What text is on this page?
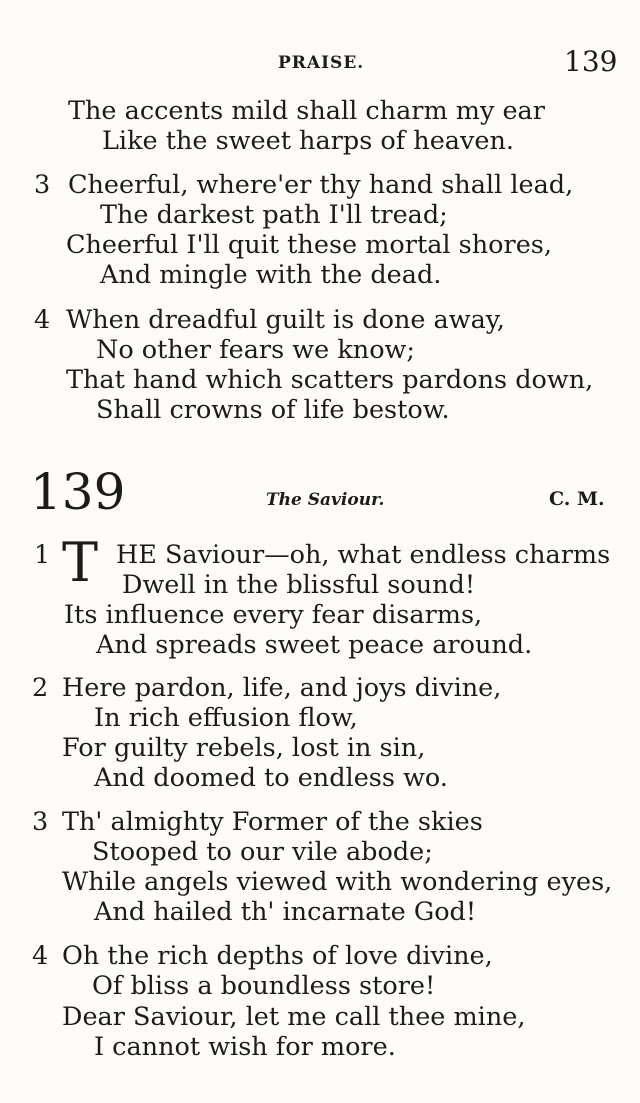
PRAISE.	139
The accents mild shall charm my ear
Like the sweet harps of heaven.
3 Cheerful, where'er thy hand shall lead,
The darkest path I'll tread;
Cheerful I'll quit these mortal shores,
And mingle with the dead.
4 When dreadful guilt is done away,
No other fears we know;
That hand which scatters pardons down,
Shall crowns of life bestow.
139	The Saviour.	C. M.
1 T HE Saviour—oh, what endless charms
Dwell in the blissful sound!
Its influence every fear disarms,
And spreads sweet peace around.
2 Here pardon, life, and joys divine,
In rich effusion flow,
For guilty rebels, lost in sin,
And doomed to endless wo.
3 Th' almighty Former of the skies
Stooped to our vile abode;
While angels viewed with wondering eyes,
And hailed th' incarnate God!
4 Oh the rich depths of love divine,
Of bliss a boundless store!
Dear Saviour, let me call thee mine,
I cannot wish for more.
